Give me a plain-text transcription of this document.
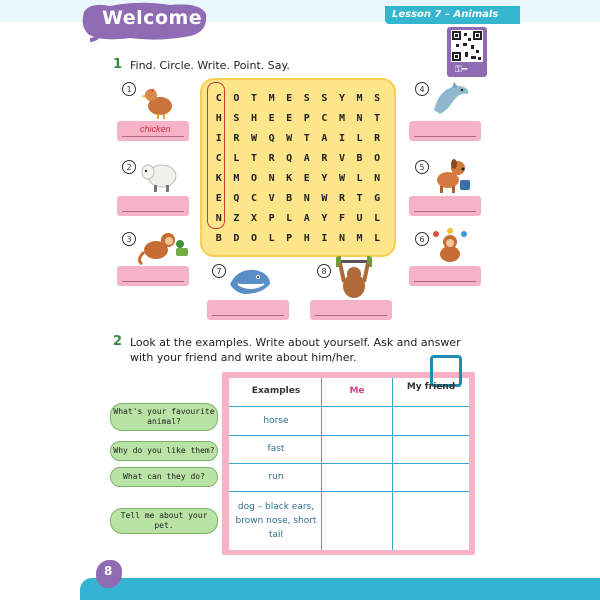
Welcome	Lesson 7 – Animals
⚿━
1 Find. Circle. Write. Point. Say.
C	O	T	M	E	S	S	Y	M	S
H	S	H	E	E	P	C	M	N	T
I	R	W	Q	W	T	A	I	L	R
C	L	T	R	Q	A	R	V	B	O
K	M	O	N	K	E	Y	W	L	N
E	Q	C	V	B	N	W	R	T	G
N	Z	X	P	L	A	Y	F	U	L
B	D	O	L	P	H	I	N	M	L
1
chicken
2
3
4
5
6
7	8
2 Look at the examples. Write about yourself. Ask and answer
with your friend and write about him/her.
Examples	Me	My friend
horse
fast
run
dog – black ears, brown nose, short tail
What's your favourite animal?
Why do you like them?
What can they do?
Tell me about your pet.
8
